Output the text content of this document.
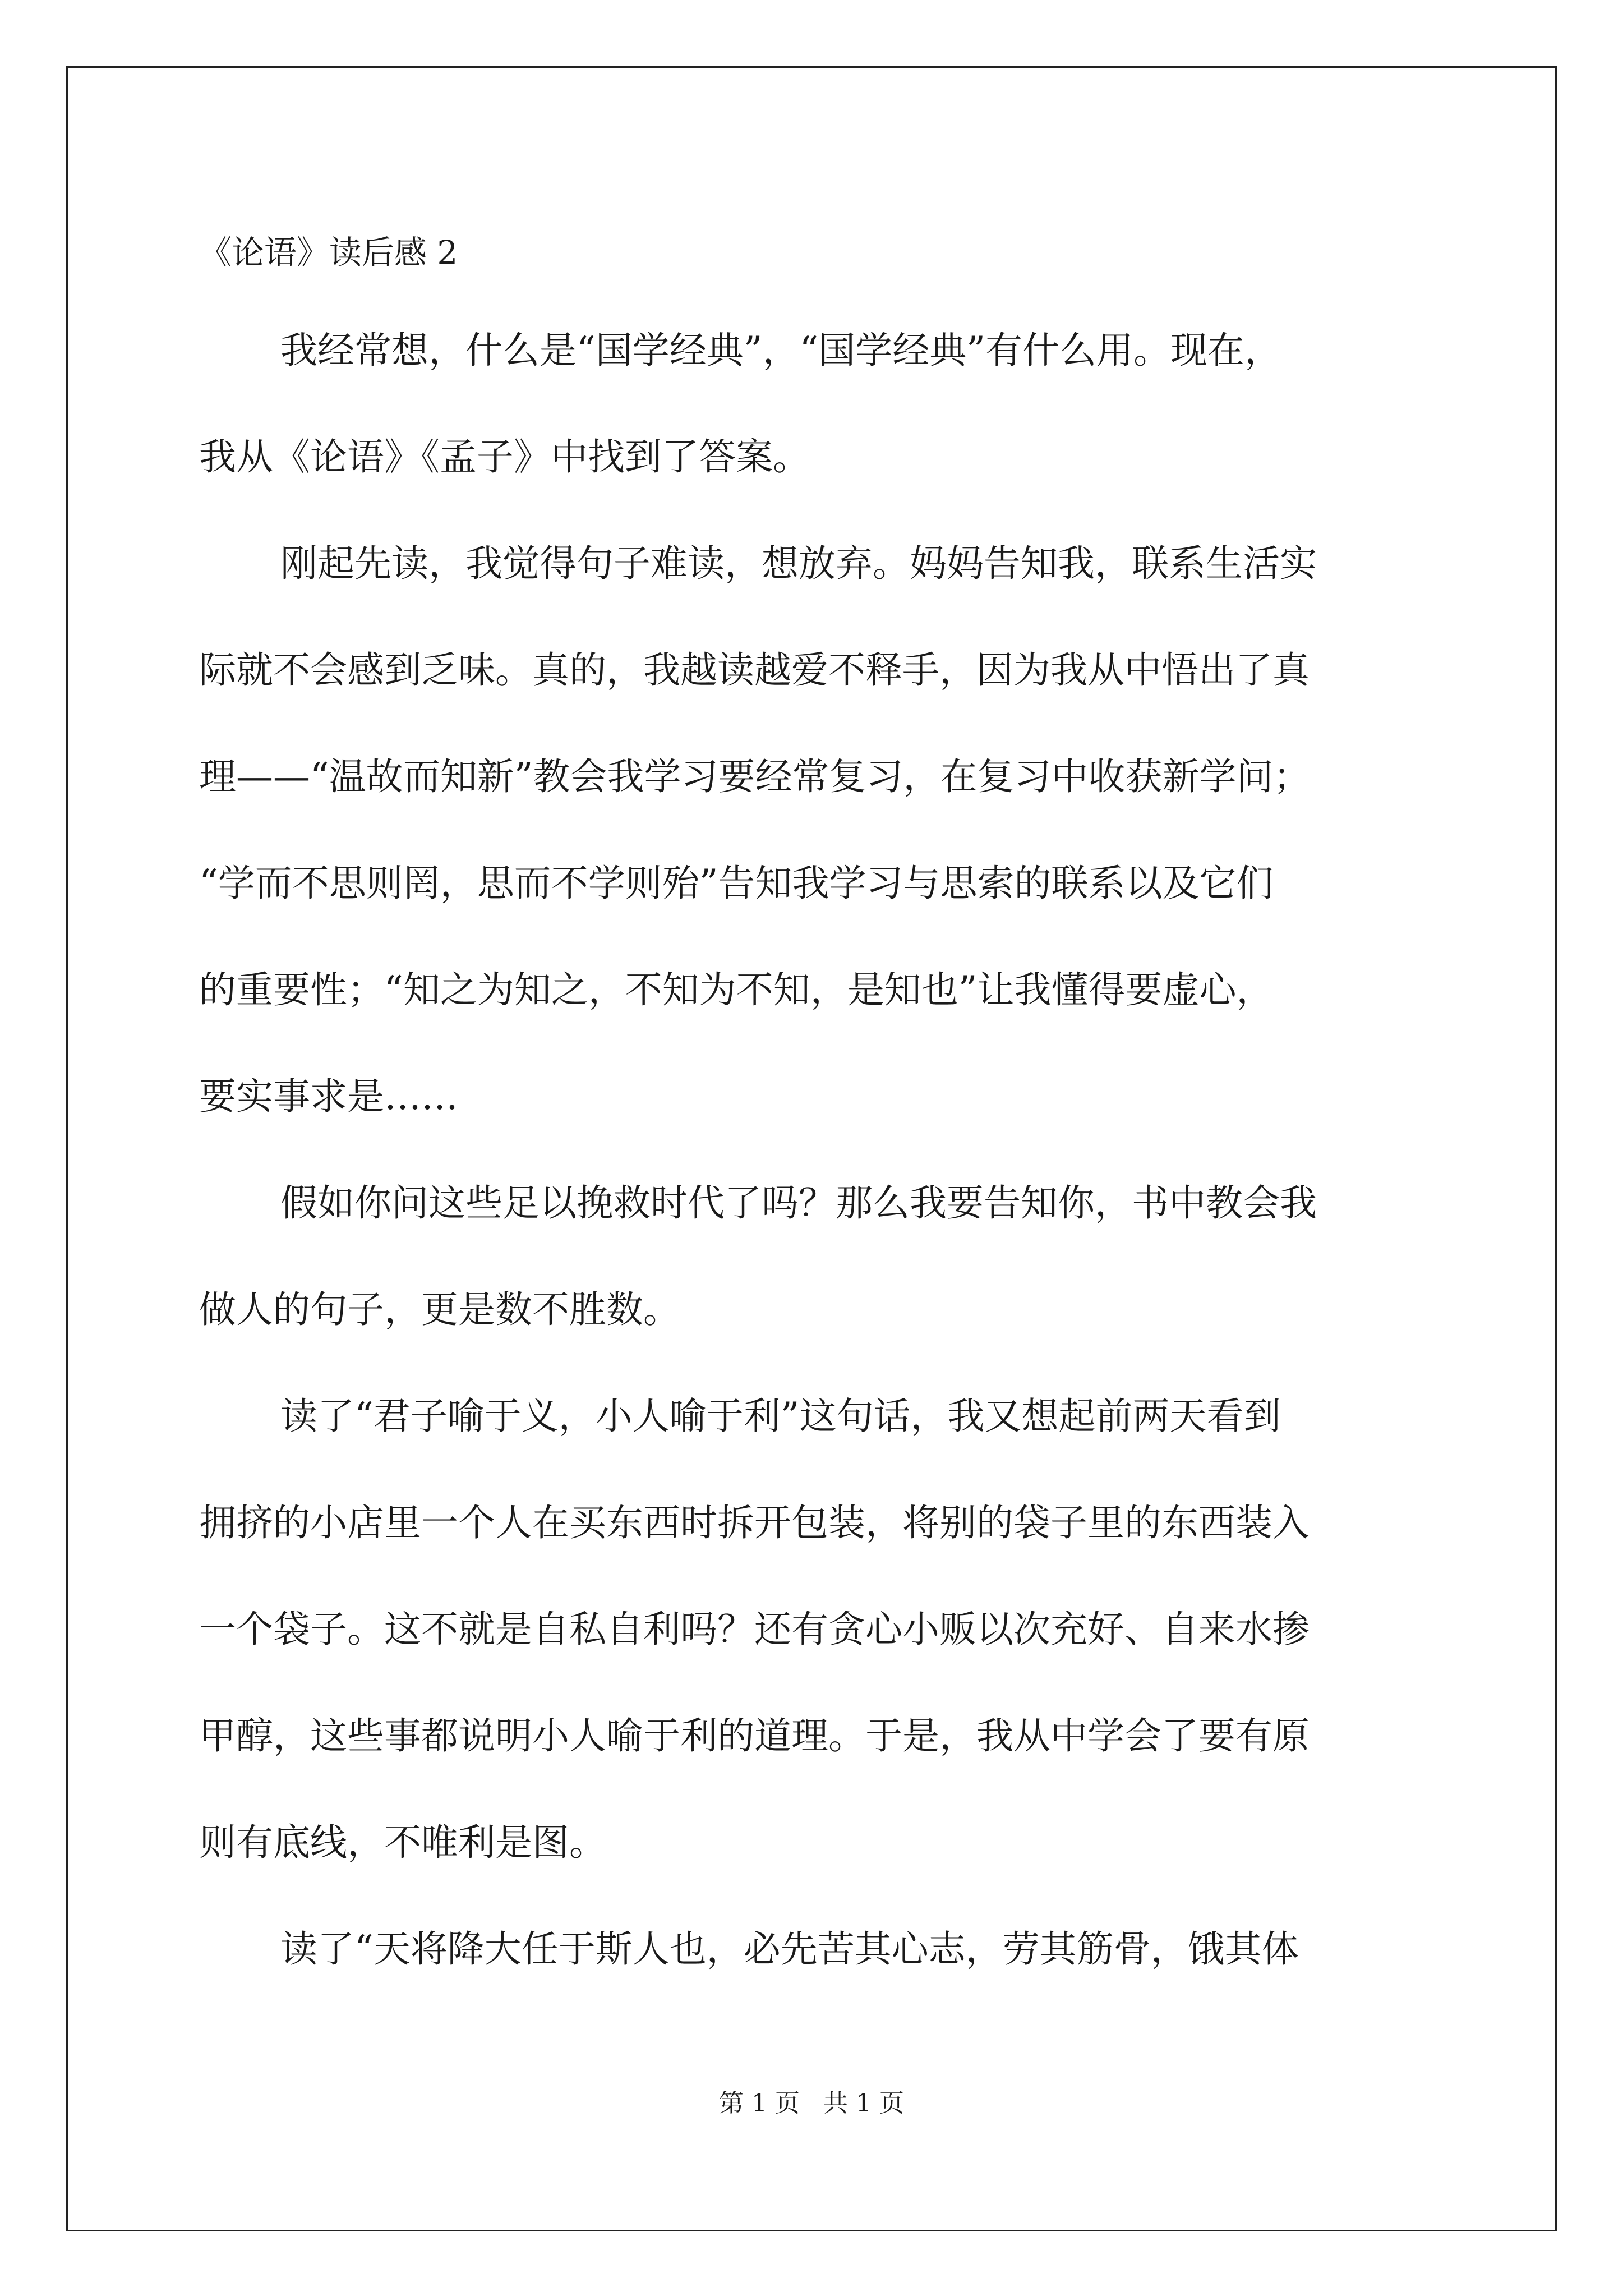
《论语》读后感 2
我经常想，什么是“国学经典”，“国学经典”有什么用。现在，
我从《论语》《孟子》中找到了答案。
刚起先读，我觉得句子难读，想放弃。妈妈告知我，联系生活实
际就不会感到乏味。真的，我越读越爱不释手，因为我从中悟出了真
理——“温故而知新”教会我学习要经常复习，在复习中收获新学问；
“学而不思则罔，思而不学则殆”告知我学习与思索的联系以及它们
的重要性；“知之为知之，不知为不知，是知也”让我懂得要虚心，
要实事求是……
假如你问这些足以挽救时代了吗？那么我要告知你，书中教会我
做人的句子，更是数不胜数。
读了“君子喻于义，小人喻于利”这句话，我又想起前两天看到
拥挤的小店里一个人在买东西时拆开包装，将别的袋子里的东西装入
一个袋子。这不就是自私自利吗？还有贪心小贩以次充好、自来水掺
甲醇，这些事都说明小人喻于利的道理。于是，我从中学会了要有原
则有底线，不唯利是图。
读了“天将降大任于斯人也，必先苦其心志，劳其筋骨，饿其体
第 1 页   共 1 页
